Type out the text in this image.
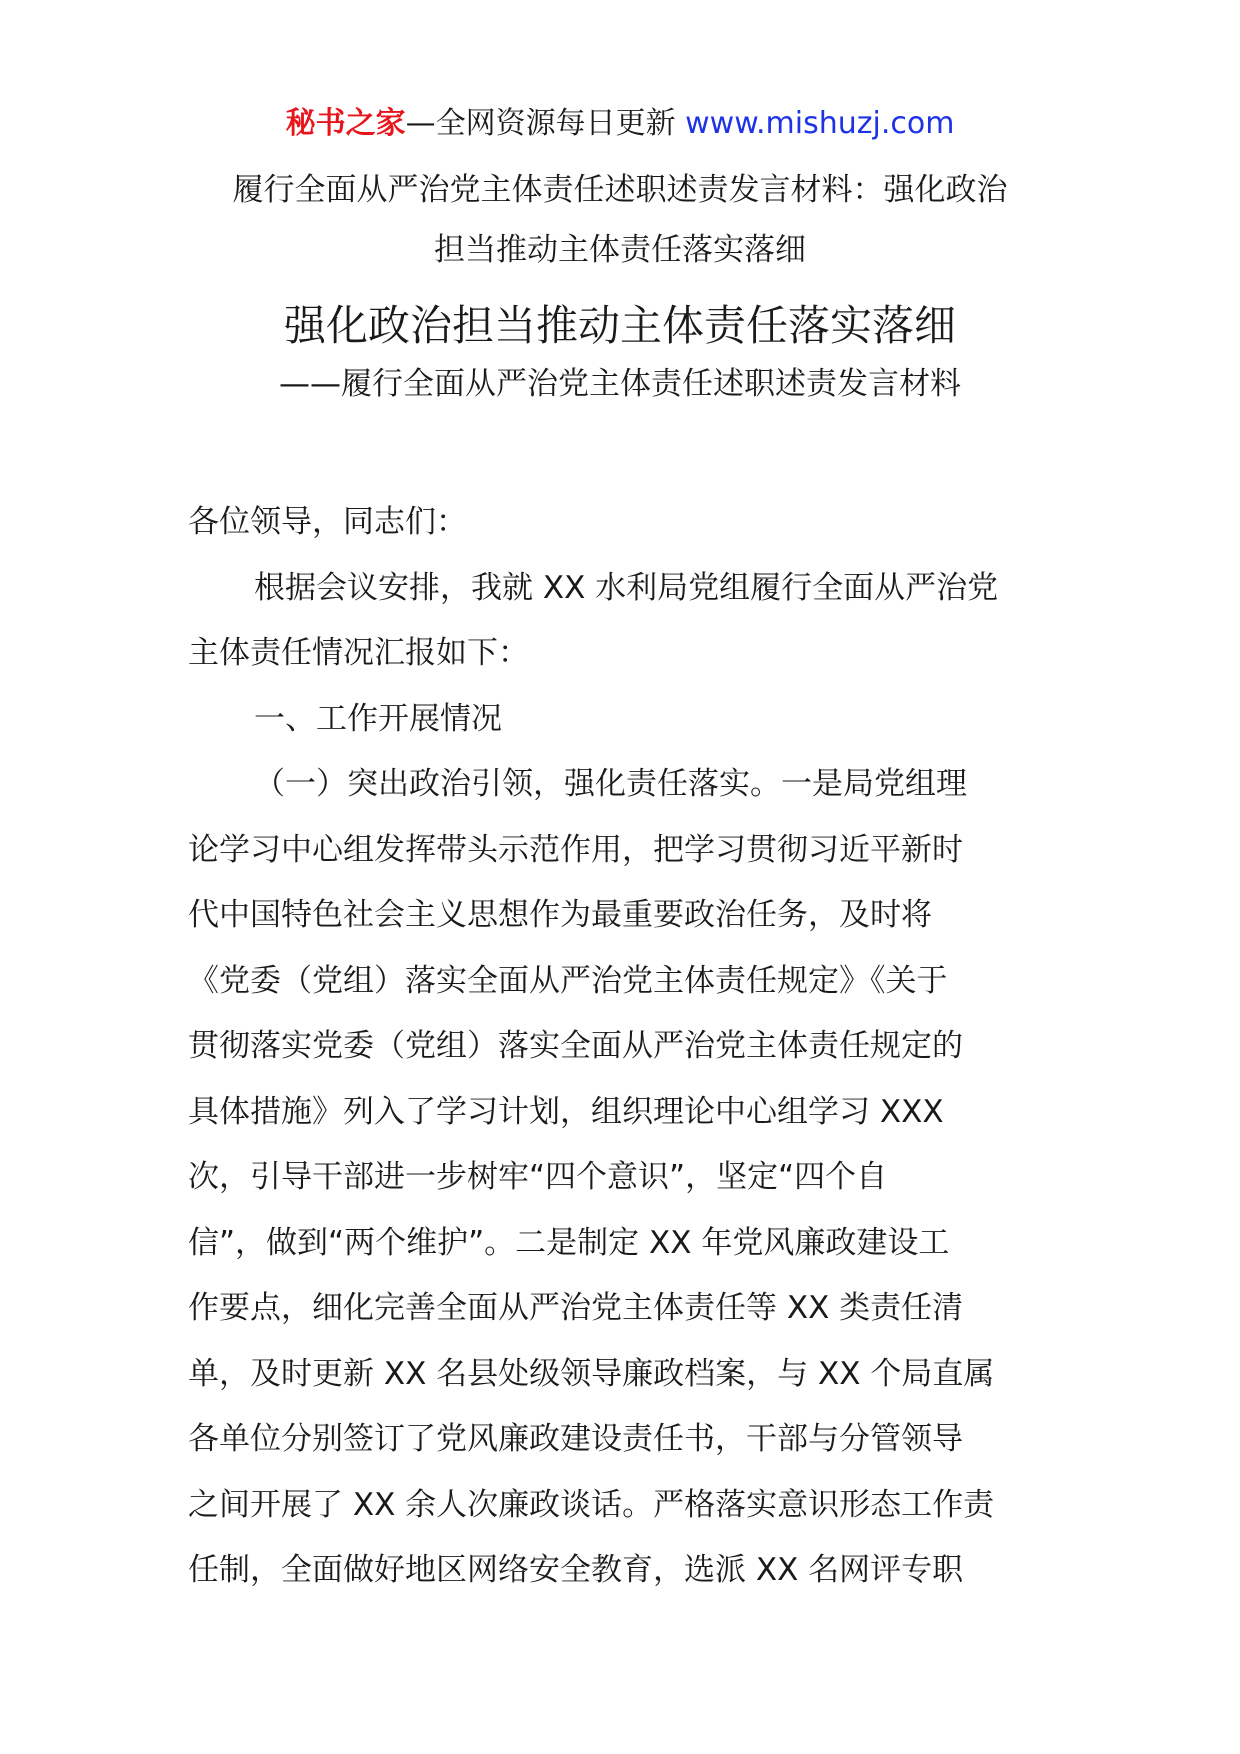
秘书之家—全网资源每日更新 www.mishuzj.com
履行全面从严治党主体责任述职述责发言材料：强化政治
担当推动主体责任落实落细
强化政治担当推动主体责任落实落细
——履行全面从严治党主体责任述职述责发言材料

各位领导，同志们：

根据会议安排，我就 XX 水利局党组履行全面从严治党

主体责任情况汇报如下：

一、工作开展情况

（一）突出政治引领，强化责任落实。一是局党组理

论学习中心组发挥带头示范作用，把学习贯彻习近平新时

代中国特色社会主义思想作为最重要政治任务，及时将

《党委（党组）落实全面从严治党主体责任规定》《关于

贯彻落实党委（党组）落实全面从严治党主体责任规定的

具体措施》列入了学习计划，组织理论中心组学习 XXX

次，引导干部进一步树牢“四个意识”，坚定“四个自

信”，做到“两个维护”。二是制定 XX 年党风廉政建设工

作要点，细化完善全面从严治党主体责任等 XX 类责任清

单，及时更新 XX 名县处级领导廉政档案，与 XX 个局直属

各单位分别签订了党风廉政建设责任书，干部与分管领导

之间开展了 XX 余人次廉政谈话。严格落实意识形态工作责

任制，全面做好地区网络安全教育，选派 XX 名网评专职
